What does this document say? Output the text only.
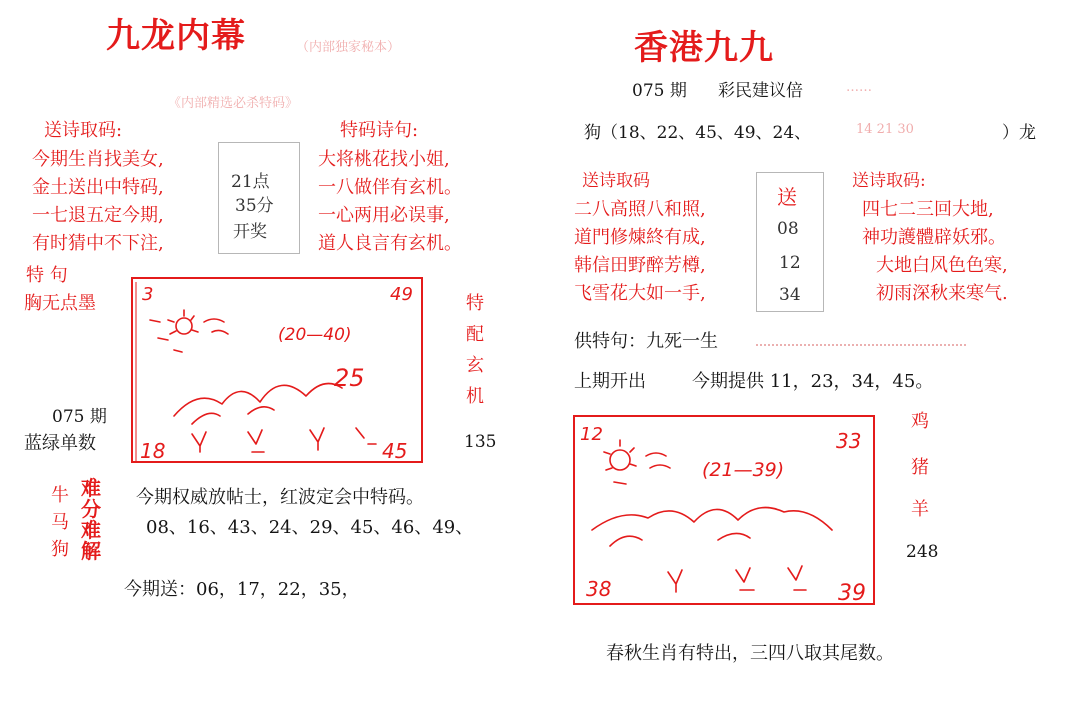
九龙内幕	（内部独家秘本）
《内部精选必杀特码》
送诗取码:
今期生肖找美女,
金土送出中特码,
一七退五定今期,
有时猜中不下注,
21点
35分
开奖
特码诗句:
大将桃花找小姐,
一八做伴有玄机。
一心两用必误事,
道人良言有玄机。
特 句
胸无点墨
075 期
蓝绿单数
3	49
18	45
(20—40)
25
特
配
玄
机
135
牛
马
狗
难
分
难
解
今期权威放帖士，红波定会中特码。
08、16、43、24、29、45、46、49、
今期送：06，17，22，35，
香港九九
075 期 彩民建议倍	……
狗（18、22、45、49、24、	14 21 30	）龙
送诗取码
二八高照八和照,
道門修煉終有成,
韩信田野醉芳樽,
飞雪花大如一手,
送
08
12
34
送诗取码:
四七二三回大地,
神功護體辟妖邪。
大地白风色色寒,
初雨深秋来寒气.
供特句：九死一生
上期开出	今期提供 11，23，34，45。
12	33
38	39
(21—39)
鸡
猪
羊
248
春秋生肖有特出，三四八取其尾数。
